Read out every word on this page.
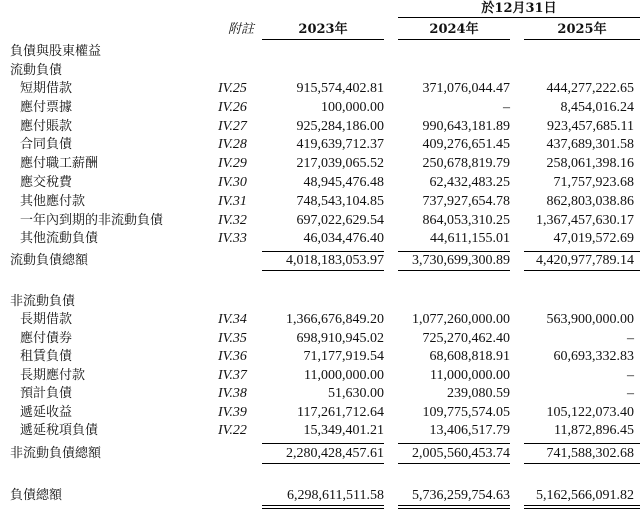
於12月31日
附註	2023年	2024年	2025年
負債與股東權益
流動負債
短期借款	IV.25	915,574,402.81	371,076,044.47	444,277,222.65
應付票據	IV.26	100,000.00	–	8,454,016.24
應付賬款	IV.27	925,284,186.00	990,643,181.89	923,457,685.11
合同負債	IV.28	419,639,712.37	409,276,651.45	437,689,301.58
應付職工薪酬	IV.29	217,039,065.52	250,678,819.79	258,061,398.16
應交稅費	IV.30	48,945,476.48	62,432,483.25	71,757,923.68
其他應付款	IV.31	748,543,104.85	737,927,654.78	862,803,038.86
一年內到期的非流動負債	IV.32	697,022,629.54	864,053,310.25	1,367,457,630.17
其他流動負債	IV.33	46,034,476.40	44,611,155.01	47,019,572.69
流動負債總額	4,018,183,053.97	3,730,699,300.89	4,420,977,789.14
非流動負債
長期借款	IV.34	1,366,676,849.20	1,077,260,000.00	563,900,000.00
應付債券	IV.35	698,910,945.02	725,270,462.40	–
租賃負債	IV.36	71,177,919.54	68,608,818.91	60,693,332.83
長期應付款	IV.37	11,000,000.00	11,000,000.00	–
預計負債	IV.38	51,630.00	239,080.59	–
遞延收益	IV.39	117,261,712.64	109,775,574.05	105,122,073.40
遞延稅項負債	IV.22	15,349,401.21	13,406,517.79	11,872,896.45
非流動負債總額	2,280,428,457.61	2,005,560,453.74	741,588,302.68
負債總額	6,298,611,511.58	5,736,259,754.63	5,162,566,091.82
